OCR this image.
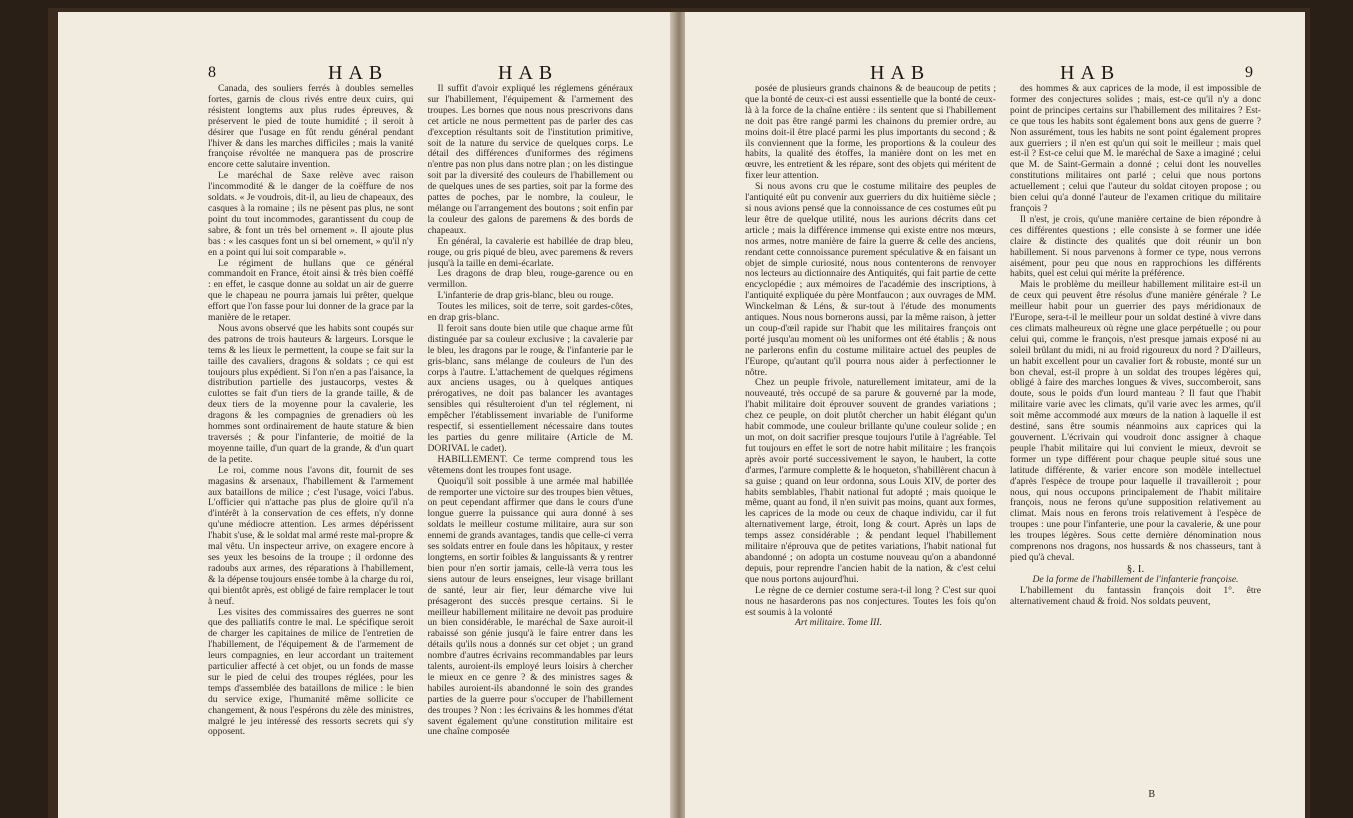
8	HAB	HAB

Canada, des souliers ferrés à doubles semelles fortes, garnis de clous rivés entre deux cuirs, qui résistent longtems aux plus rudes épreuves, & préservent le pied de toute humidité ; il seroit à désirer que l'usage en fût rendu général pendant l'hiver & dans les marches difficiles ; mais la vanité françoise révoltée ne manquera pas de proscrire encore cette salutaire invention.

Le maréchal de Saxe relève avec raison l'incommodité & le danger de la coëffure de nos soldats. « Je voudrois, dit-il, au lieu de chapeaux, des casques à la romaine ; ils ne pèsent pas plus, ne sont point du tout incommodes, garantissent du coup de sabre, & font un très bel ornement ». Il ajoute plus bas : « les casques font un si bel ornement, » qu'il n'y en a point qui lui soit comparable ».

Le régiment de hullans que ce général commandoit en France, étoit ainsi & très bien coëffé : en effet, le casque donne au soldat un air de guerre que le chapeau ne pourra jamais lui prêter, quelque effort que l'on fasse pour lui donner de la grace par la manière de le retaper.

Nous avons observé que les habits sont coupés sur des patrons de trois hauteurs & largeurs. Lorsque le tems & les lieux le permettent, la coupe se fait sur la taille des cavaliers, dragons & soldats ; ce qui est toujours plus expédient. Si l'on n'en a pas l'aisance, la distribution partielle des justaucorps, vestes & culottes se fait d'un tiers de la grande taille, & de deux tiers de la moyenne pour la cavalerie, les dragons & les compagnies de grenadiers où les hommes sont ordinairement de haute stature & bien traversés ; & pour l'infanterie, de moitié de la moyenne taille, d'un quart de la grande, & d'un quart de la petite.

Le roi, comme nous l'avons dit, fournit de ses magasins & arsenaux, l'habillement & l'armement aux bataillons de milice ; c'est l'usage, voici l'abus. L'officier qui n'attache pas plus de gloire qu'il n'a d'intérêt à la conservation de ces effets, n'y donne qu'une médiocre attention. Les armes dépérissent l'habit s'use, & le soldat mal armé reste mal-propre & mal vêtu. Un inspecteur arrive, on exagere encore à ses yeux les besoins de la troupe ; il ordonne des radoubs aux armes, des réparations à l'habillement, & la dépense toujours ensée tombe à la charge du roi, qui bientôt après, est obligé de faire remplacer le tout à neuf.

Les visites des commissaires des guerres ne sont que des palliatifs contre le mal. Le spécifique seroit de charger les capitaines de milice de l'entretien de l'habillement, de l'équipement & de l'armement de leurs compagnies, en leur accordant un traitement particulier affecté à cet objet, ou un fonds de masse sur le pied de celui des troupes réglées, pour les temps d'assemblée des bataillons de milice : le bien du service exige, l'humanité même sollicite ce changement, & nous l'espérons du zèle des ministres, malgré le jeu intéressé des ressorts secrets qui s'y opposent.

Il suffit d'avoir expliqué les réglemens généraux sur l'habillement, l'équipement & l'armement des troupes. Les bornes que nous nous prescrivons dans cet article ne nous permettent pas de parler des cas d'exception résultants soit de l'institution primitive, soit de la nature du service de quelques corps. Le détail des différences d'uniformes des régimens n'entre pas non plus dans notre plan ; on les distingue soit par la diversité des couleurs de l'habillement ou de quelques unes de ses parties, soit par la forme des pattes de poches, par le nombre, la couleur, le mélange ou l'arrangement des boutons ; soit enfin par la couleur des galons de paremens & des bords de chapeaux.

En général, la cavalerie est habillée de drap bleu, rouge, ou gris piqué de bleu, avec paremens & revers jusqu'à la taille en demi-écarlate.

Les dragons de drap bleu, rouge-garence ou en vermillon.

L'infanterie de drap gris-blanc, bleu ou rouge.

Toutes les milices, soit de terre, soit gardes-côtes, en drap gris-blanc.

Il feroit sans doute bien utile que chaque arme fût distinguée par sa couleur exclusive ; la cavalerie par le bleu, les dragons par le rouge, & l'infanterie par le gris-blanc, sans mélange de couleurs de l'un des corps à l'autre. L'attachement de quelques régimens aux anciens usages, ou à quelques antiques prérogatives, ne doit pas balancer les avantages sensibles qui résulteroient d'un tel réglement, ni empêcher l'établissement invariable de l'uniforme respectif, si essentiellement nécessaire dans toutes les parties du genre militaire (Article de M. DORIVAL le cadet).

HABILLEMENT. Ce terme comprend tous les vêtemens dont les troupes font usage.

Quoiqu'il soit possible à une armée mal habillée de remporter une victoire sur des troupes bien vêtues, on peut cependant affirmer que dans le cours d'une longue guerre la puissance qui aura donné à ses soldats le meilleur costume militaire, aura sur son ennemi de grands avantages, tandis que celle-ci verra ses soldats entrer en foule dans les hôpitaux, y rester longtems, en sortir foibles & languissants & y rentrer bien pour n'en sortir jamais, celle-là verra tous les siens autour de leurs enseignes, leur visage brillant de santé, leur air fier, leur démarche vive lui présageront des succès presque certains. Si le meilleur habillement militaire ne devoit pas produire un bien considérable, le maréchal de Saxe auroit-il rabaissé son génie jusqu'à le faire entrer dans les détails qu'ils nous a donnés sur cet objet ; un grand nombre d'autres écrivains recommandables par leurs talents, auroient-ils employé leurs loisirs à chercher le mieux en ce genre ? & des ministres sages & habiles auroient-ils abandonné le soin des grandes parties de la guerre pour s'occuper de l'habillement des troupes ? Non : les écrivains & les hommes d'état savent également qu'une constitution militaire est une chaîne composée

HAB	HAB	9

posée de plusieurs grands chainons & de beaucoup de petits ; que la bonté de ceux-ci est aussi essentielle que la bonté de ceux-là à la force de la chaîne entière : ils sentent que si l'habillement ne doit pas être rangé parmi les chainons du premier ordre, au moins doit-il être placé parmi les plus importants du second ; & ils conviennent que la forme, les proportions & la couleur des habits, la qualité des étoffes, la manière dont on les met en œuvre, les entretient & les répare, sont des objets qui méritent de fixer leur attention.

Si nous avons cru que le costume militaire des peuples de l'antiquité eût pu convenir aux guerriers du dix huitième siècle ; si nous avions pensé que la connoissance de ces costumes eût pu leur être de quelque utilité, nous les aurions décrits dans cet article ; mais la différence immense qui existe entre nos mœurs, nos armes, notre manière de faire la guerre & celle des anciens, rendant cette connoissance purement spéculative & en faisant un objet de simple curiosité, nous nous contenterons de renvoyer nos lecteurs au dictionnaire des Antiquités, qui fait partie de cette encyclopédie ; aux mémoires de l'académie des inscriptions, à l'antiquité expliquée du père Montfaucon ; aux ouvrages de MM. Winckelman & Léns, & sur-tout à l'étude des monuments antiques. Nous nous bornerons aussi, par la même raison, à jetter un coup-d'œil rapide sur l'habit que les militaires françois ont porté jusqu'au moment où les uniformes ont été établis ; & nous ne parlerons enfin du costume militaire actuel des peuples de l'Europe, qu'autant qu'il pourra nous aider à perfectionner le nôtre.

Chez un peuple frivole, naturellement imitateur, ami de la nouveauté, très occupé de sa parure & gouverné par la mode, l'habit militaire doit éprouver souvent de grandes variations ; chez ce peuple, on doit plutôt chercher un habit élégant qu'un habit commode, une couleur brillante qu'une couleur solide ; en un mot, on doit sacrifier presque toujours l'utile à l'agréable. Tel fut toujours en effet le sort de notre habit militaire ; les françois après avoir porté successivement le sayon, le haubert, la cotte d'armes, l'armure complette & le hoqueton, s'habillèrent chacun à sa guise ; quand on leur ordonna, sous Louis XIV, de porter des habits semblables, l'habit national fut adopté ; mais quoique le même, quant au fond, il n'en suivit pas moins, quant aux formes, les caprices de la mode ou ceux de chaque individu, car il fut alternativement large, étroit, long & court. Après un laps de temps assez considérable ; & pendant lequel l'habillement militaire n'éprouva que de petites variations, l'habit national fut abandonné ; on adopta un costume nouveau qu'on a abandonné depuis, pour reprendre l'ancien habit de la nation, & c'est celui que nous portons aujourd'hui.

Le règne de ce dernier costume sera-t-il long ? C'est sur quoi nous ne hasarderons pas nos conjectures. Toutes les fois qu'on est soumis à la volonté

Art militaire. Tome III.

des hommes & aux caprices de la mode, il est impossible de former des conjectures solides ; mais, est-ce qu'il n'y a donc point de principes certains sur l'habillement des militaires ? Est-ce que tous les habits sont également bons aux gens de guerre ? Non assurément, tous les habits ne sont point également propres aux guerriers ; il n'en est qu'un qui soit le meilleur ; mais quel est-il ? Est-ce celui que M. le maréchal de Saxe a imaginé ; celui que M. de Saint-Germain a donné ; celui dont les nouvelles constitutions militaires ont parlé ; celui que nous portons actuellement ; celui que l'auteur du soldat citoyen propose ; ou bien celui qu'a donné l'auteur de l'examen critique du militaire françois ?

Il n'est, je crois, qu'une manière certaine de bien répondre à ces différentes questions ; elle consiste à se former une idée claire & distincte des qualités que doit réunir un bon habillement. Si nous parvenons à former ce type, nous verrons aisément, pour peu que nous en rapprochions les différents habits, quel est celui qui mérite la préférence.

Mais le problème du meilleur habillement militaire est-il un de ceux qui peuvent être résolus d'une manière générale ? Le meilleur habit pour un guerrier des pays méridionaux de l'Europe, sera-t-il le meilleur pour un soldat destiné à vivre dans ces climats malheureux où règne une glace perpétuelle ; ou pour celui qui, comme le françois, n'est presque jamais exposé ni au soleil brûlant du midi, ni au froid rigoureux du nord ? D'ailleurs, un habit excellent pour un cavalier fort & robuste, monté sur un bon cheval, est-il propre à un soldat des troupes légères qui, obligé à faire des marches longues & vives, succomberoit, sans doute, sous le poids d'un lourd manteau ? Il faut que l'habit militaire varie avec les climats, qu'il varie avec les armes, qu'il soit même accommodé aux mœurs de la nation à laquelle il est destiné, sans être soumis néanmoins aux caprices qui la gouvernent. L'écrivain qui voudroit donc assigner à chaque peuple l'habit militaire qui lui convient le mieux, devroit se former un type différent pour chaque peuple situé sous une latitude différente, & varier encore son modèle intellectuel d'après l'espèce de troupe pour laquelle il travailleroit ; pour nous, qui nous occupons principalement de l'habit militaire françois, nous ne ferons qu'une supposition relativement au climat. Mais nous en ferons trois relativement à l'espèce de troupes : une pour l'infanterie, une pour la cavalerie, & une pour les troupes légères. Sous cette dernière dénomination nous comprenons nos dragons, nos hussards & nos chasseurs, tant à pied qu'à cheval.

§. I.

De la forme de l'habillement de l'infanterie françoise.

L'habillement du fantassin françois doit 1°. être alternativement chaud & froid. Nos soldats peuvent,

B
